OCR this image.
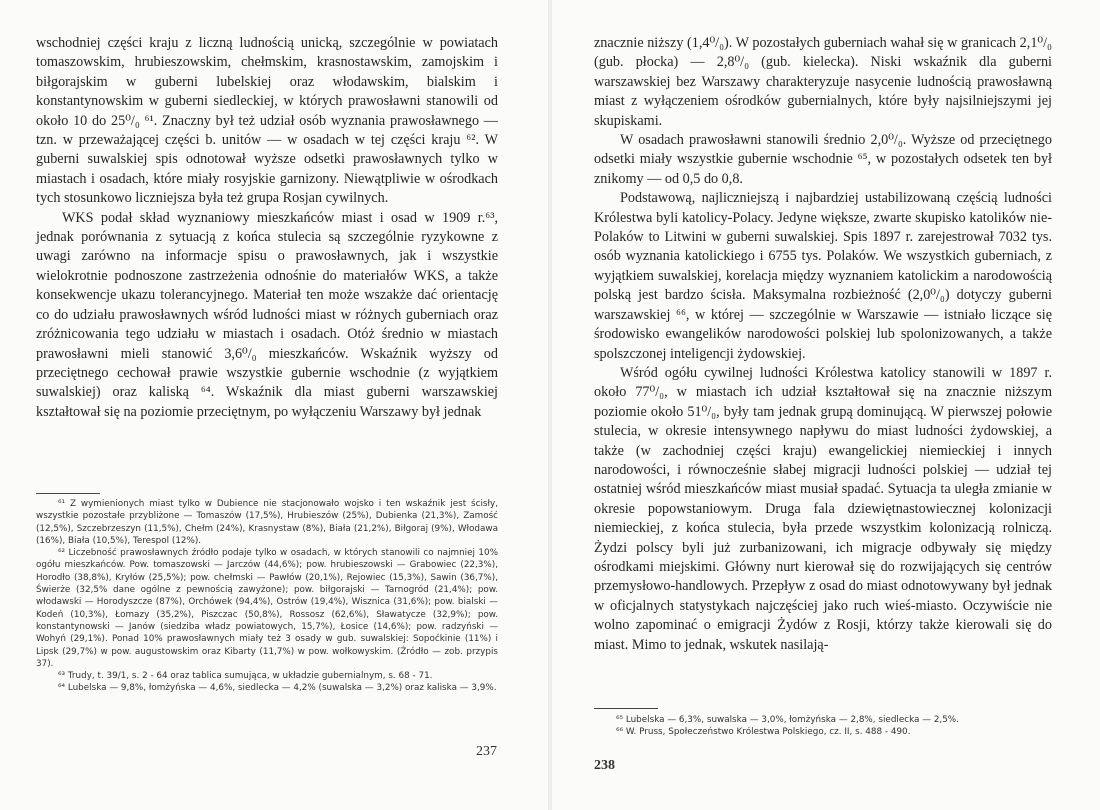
wschodniej części kraju z liczną ludnością unicką, szczególnie w powiatach tomaszowskim, hrubieszowskim, chełmskim, krasnostawskim, zamojskim i biłgorajskim w guberni lubelskiej oraz włodawskim, bialskim i konstantynowskim w guberni siedleckiej, w których prawosławni stanowili od około 10 do 25⁰/₀ ⁶¹. Znaczny był też udział osób wyznania prawosławnego — tzn. w przeważającej części b. unitów — w osadach w tej części kraju ⁶². W guberni suwalskiej spis odnotował wyższe odsetki prawosławnych tylko w miastach i osadach, które miały rosyjskie garnizony. Niewątpliwie w ośrodkach tych stosunkowo liczniejsza była też grupa Rosjan cywilnych.

WKS podał skład wyznaniowy mieszkańców miast i osad w 1909 r.⁶³, jednak porównania z sytuacją z końca stulecia są szczególnie ryzykowne z uwagi zarówno na informacje spisu o prawosławnych, jak i wszystkie wielokrotnie podnoszone zastrzeżenia odnośnie do materiałów WKS, a także konsekwencje ukazu tolerancyjnego. Materiał ten może wszakże dać orientację co do udziału prawosławnych wśród ludności miast w różnych guberniach oraz zróżnicowania tego udziału w miastach i osadach. Otóż średnio w miastach prawosławni mieli stanowić 3,6⁰/₀ mieszkańców. Wskaźnik wyższy od przeciętnego cechował prawie wszystkie gubernie wschodnie (z wyjątkiem suwalskiej) oraz kaliską ⁶⁴. Wskaźnik dla miast guberni warszawskiej kształtował się na poziomie przeciętnym, po wyłączeniu Warszawy był jednak

⁶¹ Z wymienionych miast tylko w Dubience nie stacjonowało wojsko i ten wskaźnik jest ścisły, wszystkie pozostałe przybliżone — Tomaszów (17,5%), Hrubieszów (25%), Dubienka (21,3%), Zamość (12,5%), Szczebrzeszyn (11,5%), Chełm (24%), Krasnystaw (8%), Biała (21,2%), Biłgoraj (9%), Włodawa (16%), Biała (10,5%), Terespol (12%).

⁶² Liczebność prawosławnych źródło podaje tylko w osadach, w których stanowili co najmniej 10% ogółu mieszkańców. Pow. tomaszowski — Jarczów (44,6%); pow. hrubieszowski — Grabowiec (22,3%), Horodło (38,8%), Kryłów (25,5%); pow. chełmski — Pawłów (20,1%), Rejowiec (15,3%), Sawin (36,7%), Świerże (32,5% dane ogólne z pewnością zawyżone); pow. biłgorajski — Tarnogród (21,4%); pow. włodawski — Horodyszcze (87%), Orchówek (94,4%), Ostrów (19,4%), Wisznica (31,6%); pow. bialski — Kodeń (10,3%), Łomazy (35,2%), Piszczac (50,8%), Rossosz (62,6%), Sławatycze (32,9%); pow. konstantynowski — Janów (siedziba władz powiatowych, 15,7%), Łosice (14,6%); pow. radzyński — Wohyń (29,1%). Ponad 10% prawosławnych miały też 3 osady w gub. suwalskiej: Sopoćkinie (11%) i Lipsk (29,7%) w pow. augustowskim oraz Kibarty (11,7%) w pow. wołkowyskim. (Źródło — zob. przypis 37).

⁶³ Trudy, t. 39/1, s. 2 - 64 oraz tablica sumująca, w układzie gubernialnym, s. 68 - 71.

⁶⁴ Lubelska — 9,8%, łomżyńska — 4,6%, siedlecka — 4,2% (suwalska — 3,2%) oraz kaliska — 3,9%.

237

znacznie niższy (1,4⁰/₀). W pozostałych guberniach wahał się w granicach 2,1⁰/₀ (gub. płocka) — 2,8⁰/₀ (gub. kielecka). Niski wskaźnik dla guberni warszawskiej bez Warszawy charakteryzuje nasycenie ludnością prawosławną miast z wyłączeniem ośrodków gubernialnych, które były najsilniejszymi jej skupiskami.

W osadach prawosławni stanowili średnio 2,0⁰/₀. Wyższe od przeciętnego odsetki miały wszystkie gubernie wschodnie ⁶⁵, w pozostałych odsetek ten był znikomy — od 0,5 do 0,8.

Podstawową, najliczniejszą i najbardziej ustabilizowaną częścią ludności Królestwa byli katolicy-Polacy. Jedyne większe, zwarte skupisko katolików nie-Polaków to Litwini w guberni suwalskiej. Spis 1897 r. zarejestrował 7032 tys. osób wyznania katolickiego i 6755 tys. Polaków. We wszystkich guberniach, z wyjątkiem suwalskiej, korelacja między wyznaniem katolickim a narodowością polską jest bardzo ścisła. Maksymalna rozbieżność (2,0⁰/₀) dotyczy guberni warszawskiej ⁶⁶, w której — szczególnie w Warszawie — istniało liczące się środowisko ewangelików narodowości polskiej lub spolonizowanych, a także spolszczonej inteligencji żydowskiej.

Wśród ogółu cywilnej ludności Królestwa katolicy stanowili w 1897 r. około 77⁰/₀, w miastach ich udział kształtował się na znacznie niższym poziomie około 51⁰/₀, były tam jednak grupą dominującą. W pierwszej połowie stulecia, w okresie intensywnego napływu do miast ludności żydowskiej, a także (w zachodniej części kraju) ewangelickiej niemieckiej i innych narodowości, i równocześnie słabej migracji ludności polskiej — udział tej ostatniej wśród mieszkańców miast musiał spadać. Sytuacja ta uległa zmianie w okresie popowstaniowym. Druga fala dziewiętnastowiecznej kolonizacji niemieckiej, z końca stulecia, była przede wszystkim kolonizacją rolniczą. Żydzi polscy byli już zurbanizowani, ich migracje odbywały się między ośrodkami miejskimi. Główny nurt kierował się do rozwijających się centrów przemysłowo-handlowych. Przepływ z osad do miast odnotowywany był jednak w oficjalnych statystykach najczęściej jako ruch wieś-miasto. Oczywiście nie wolno zapominać o emigracji Żydów z Rosji, którzy także kierowali się do miast. Mimo to jednak, wskutek nasilają-

⁶⁵ Lubelska — 6,3%, suwalska — 3,0%, łomżyńska — 2,8%, siedlecka — 2,5%.

⁶⁶ W. Pruss, Społeczeństwo Królestwa Polskiego, cz. II, s. 488 - 490.

238
